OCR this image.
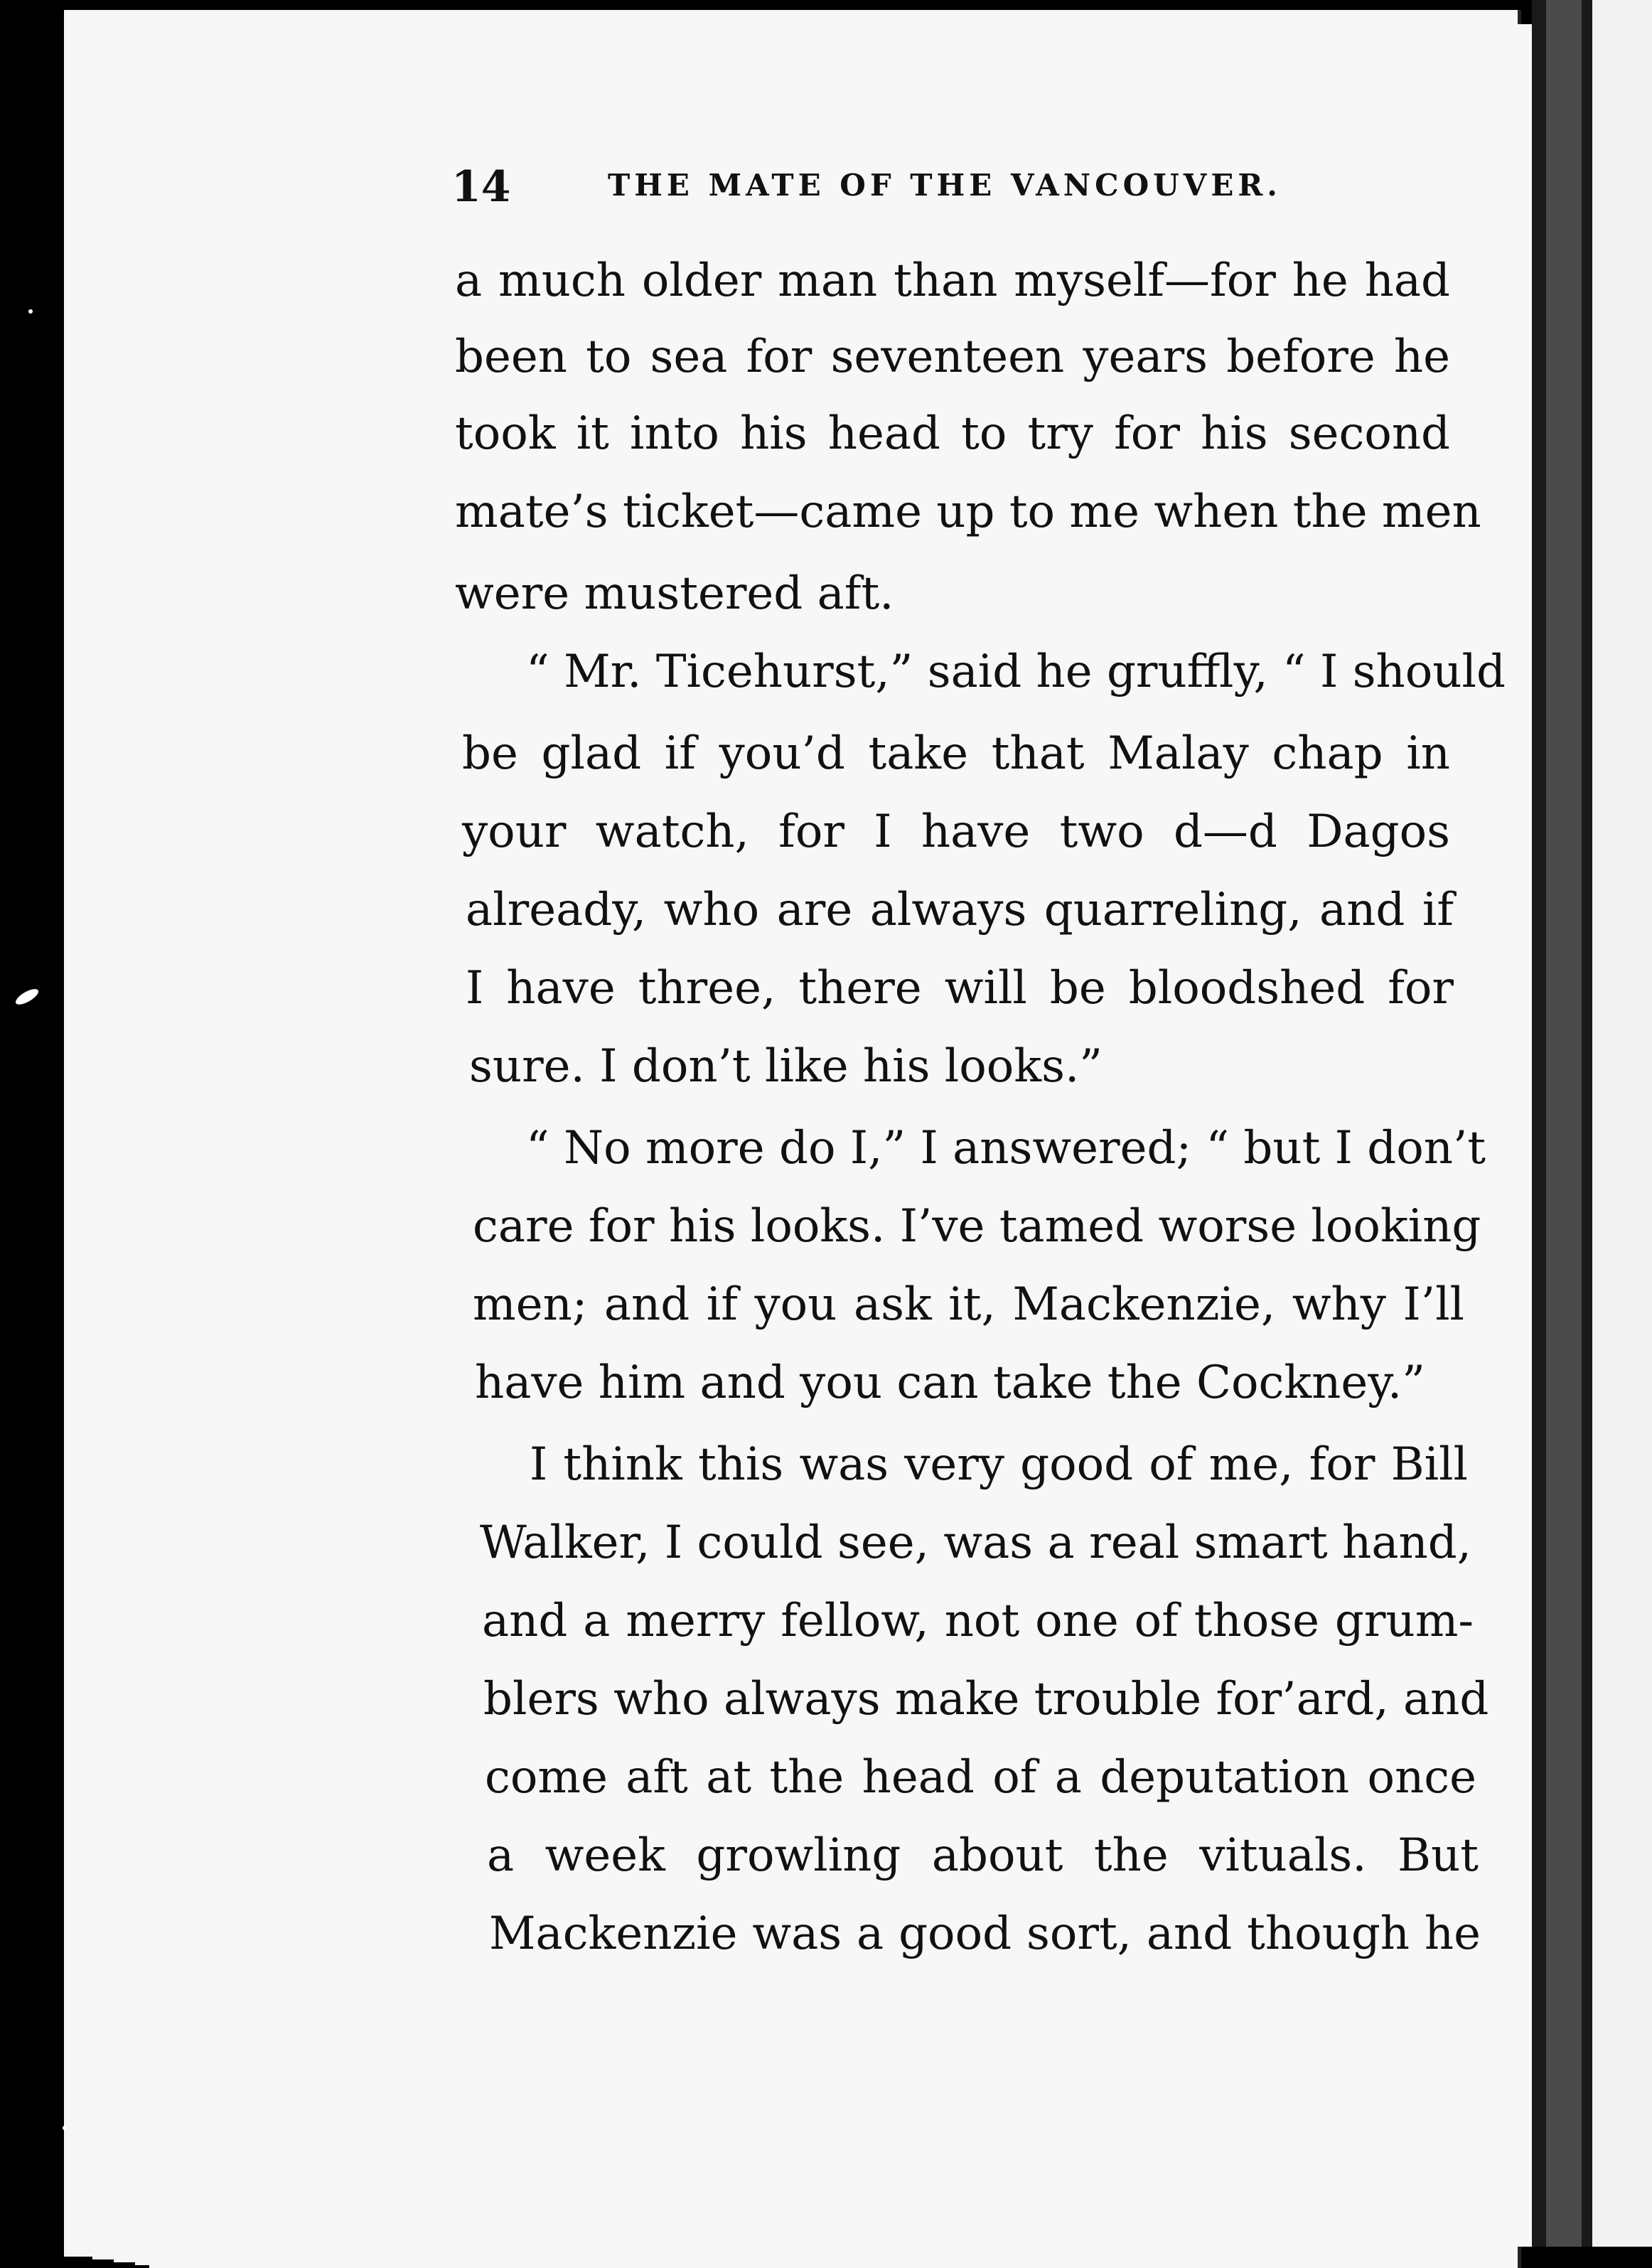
14	THE MATE OF THE VANCOUVER.
a much older man than myself—for he had
been to sea for seventeen years before he
took it into his head to try for his second
mate’s ticket—came up to me when the men
were mustered aft.
“ Mr. Ticehurst,” said he gruffly, “ I should
be glad if you’d take that Malay chap in
your watch, for I have two d—d Dagos
already, who are always quarreling, and if
I have three, there will be bloodshed for
sure. I don’t like his looks.”
“ No more do I,” I answered; “ but I don’t
care for his looks. I’ve tamed worse looking
men; and if you ask it, Mackenzie, why I’ll
have him and you can take the Cockney.”
I think this was very good of me, for Bill
Walker, I could see, was a real smart hand,
and a merry fellow, not one of those grum-
blers who always make trouble for’ard, and
come aft at the head of a deputation once
a week growling about the vituals. But
Mackenzie was a good sort, and though he
